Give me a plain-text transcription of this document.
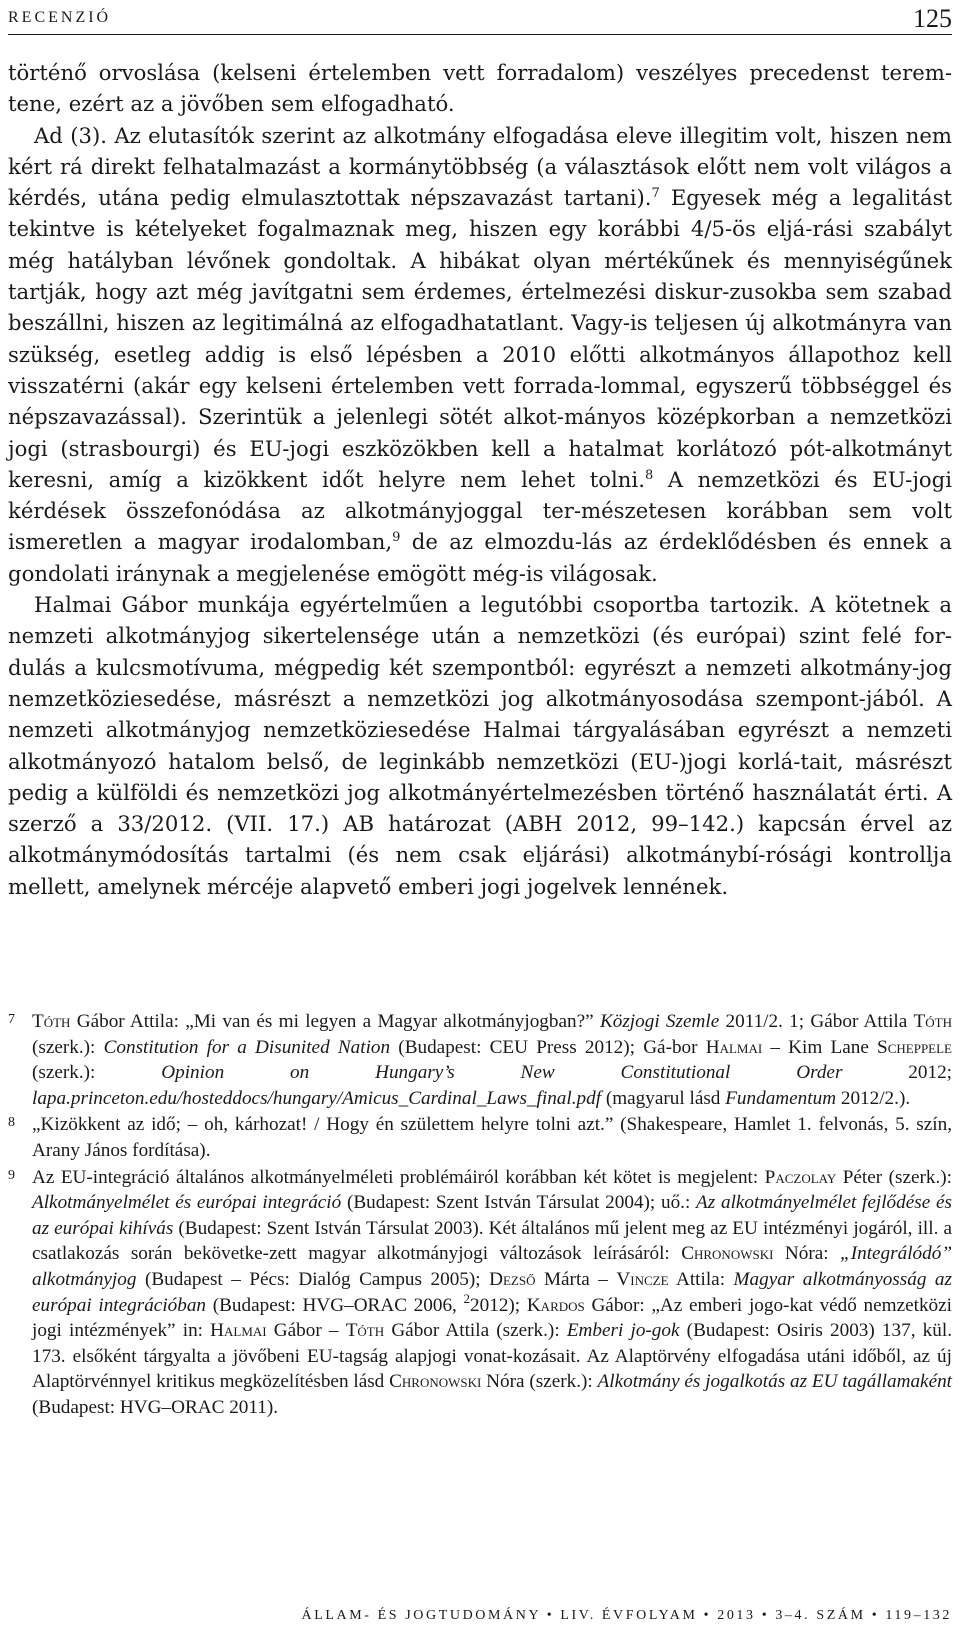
RECENZIÓ	125

történő orvoslása (kelseni értelemben vett forradalom) veszélyes precedenst terem-tene, ezért az a jövőben sem elfogadható.

Ad (3). Az elutasítók szerint az alkotmány elfogadása eleve illegitim volt, hiszen nem kért rá direkt felhatalmazást a kormánytöbbség (a választások előtt nem volt világos a kérdés, utána pedig elmulasztottak népszavazást tartani).$^7$ Egyesek még a legalitást tekintve is kételyeket fogalmaznak meg, hiszen egy korábbi 4/5-ös eljá-rási szabályt még hatályban lévőnek gondoltak. A hibákat olyan mértékűnek és mennyiségűnek tartják, hogy azt még javítgatni sem érdemes, értelmezési diskur-zusokba sem szabad beszállni, hiszen az legitimálná az elfogadhatatlant. Vagy-is teljesen új alkotmányra van szükség, esetleg addig is első lépésben a 2010 előtti alkotmányos állapothoz kell visszatérni (akár egy kelseni értelemben vett forrada-lommal, egyszerű többséggel és népszavazással). Szerintük a jelenlegi sötét alkot-mányos középkorban a nemzetközi jogi (strasbourgi) és EU-jogi eszközökben kell a hatalmat korlátozó pót-alkotmányt keresni, amíg a kizökkent időt helyre nem lehet tolni.$^8$ A nemzetközi és EU-jogi kérdések összefonódása az alkotmányjoggal ter-mészetesen korábban sem volt ismeretlen a magyar irodalomban,$^9$ de az elmozdu-lás az érdeklődésben és ennek a gondolati iránynak a megjelenése emögött még-is világosak.

Halmai Gábor munkája egyértelműen a legutóbbi csoportba tartozik. A kötetnek a nemzeti alkotmányjog sikertelensége után a nemzetközi (és európai) szint felé for-dulás a kulcsmotívuma, mégpedig két szempontból: egyrészt a nemzeti alkotmány-jog nemzetköziesedése, másrészt a nemzetközi jog alkotmányosodása szempont-jából. A nemzeti alkotmányjog nemzetköziesedése Halmai tárgyalásában egyrészt a nemzeti alkotmányozó hatalom belső, de leginkább nemzetközi (EU-)jogi korlá-tait, másrészt pedig a külföldi és nemzetközi jog alkotmányértelmezésben történő használatát érti. A szerző a 33/2012. (VII. 17.) AB határozat (ABH 2012, 99–142.) kapcsán érvel az alkotmánymódosítás tartalmi (és nem csak eljárási) alkotmánybí-rósági kontrollja mellett, amelynek mércéje alapvető emberi jogi jogelvek lennének.

7 Tóth Gábor Attila: „Mi van és mi legyen a Magyar alkotmányjogban?” Közjogi Szemle 2011/2. 1; Gábor Attila Tóth (szerk.): Constitution for a Disunited Nation (Budapest: CEU Press 2012); Gá-bor Halmai – Kim Lane Scheppele (szerk.): Opinion on Hungary’s New Constitutional Order 2012; lapa.princeton.edu/hosteddocs/hungary/Amicus_Cardinal_Laws_final.pdf (magyarul lásd Fundamentum 2012/2.).
8 „Kizökkent az idő; – oh, kárhozat! / Hogy én születtem helyre tolni azt.” (Shakespeare, Hamlet 1. felvonás, 5. szín, Arany János fordítása).
9 Az EU-integráció általános alkotmányelméleti problémáiról korábban két kötet is megjelent: Paczolay Péter (szerk.): Alkotmányelmélet és európai integráció (Budapest: Szent István Társulat 2004); uő.: Az alkotmányelmélet fejlődése és az európai kihívás (Budapest: Szent István Társulat 2003). Két általános mű jelent meg az EU intézményi jogáról, ill. a csatlakozás során bekövetke-zett magyar alkotmányjogi változások leírásáról: Chronowski Nóra: „Integrálódó” alkotmányjog (Budapest – Pécs: Dialóg Campus 2005); Dezső Márta – Vincze Attila: Magyar alkotmányosság az európai integrációban (Budapest: HVG–ORAC 2006, $^2$2012); Kardos Gábor: „Az emberi jogo-kat védő nemzetközi jogi intézmények” in: Halmai Gábor – Tóth Gábor Attila (szerk.): Emberi jo-gok (Budapest: Osiris 2003) 137, kül. 173. elsőként tárgyalta a jövőbeni EU-tagság alapjogi vonat-kozásait. Az Alaptörvény elfogadása utáni időből, az új Alaptörvénnyel kritikus megközelítésben lásd Chronowski Nóra (szerk.): Alkotmány és jogalkotás az EU tagállamaként (Budapest: HVG–ORAC 2011).
ÁLLAM- ÉS JOGTUDOMÁNY • LIV. ÉVFOLYAM • 2013 • 3–4. SZÁM • 119–132
